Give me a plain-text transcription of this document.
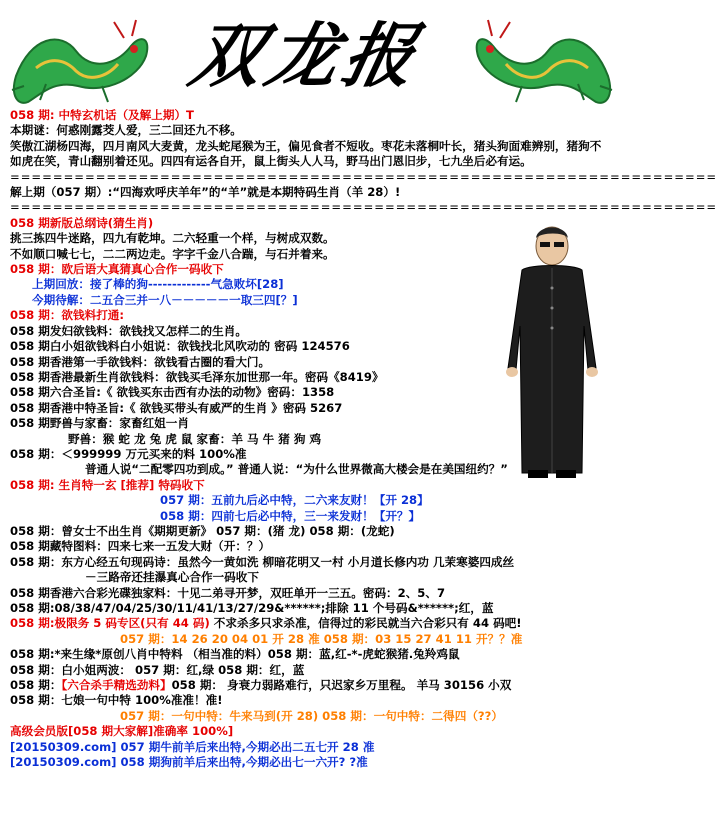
双龙报
058 期: 中特玄机话（及解上期）T
本期谜：何惑刚露茭人爱，三二回还九不移。
笑傲江湖杨四海，四月南风大麦黄，龙头蛇尾猴为王，偏见食者不短收。枣花未落桐叶长，猪头狗面难辨别，猪狗不如虎在笑，青山翻别着还见。四四有运各自开，鼠上街头人人马，野马出门恩旧步，七九坐后必有运。
==================================================================
解上期（057 期）:“四海欢呼庆羊年”的“羊”就是本期特码生肖（羊 28）!
==================================================================
058 期新版总纲诗(猜生肖)
挑三拣四牛迷路，四九有乾坤。二六轻重一个样，与树成双数。
不如顺口喊七七，二二两边走。字字千金八合踹，与石并着来。
058 期：欧后语大真猜真心合作一码收下
上期回放：接了棒的狗-------------气急败坏[28]
今期待解：二五合三并一八－－－－－一取三四[？]
058 期：欲钱料打通:
058 期发妇欲钱料：欲钱找又怎样二的生肖。
058 期白小姐欲钱料白小姐说：欲钱找北风吹动的 密码 124576
058 期香港第一手欲钱料：欲钱看古圈的看大门。
058 期香港最新生肖欲钱料：欲钱买毛泽东加世那一年。密码《8419》
058 期六合圣旨:《 欲钱买东击西有办法的动物》密码：1358
058 期香港中特圣旨:《 欲钱买带头有威严的生肖 》密码 5267
058 期野兽与家畜：家畜红姐一肖
野兽：猴 蛇 龙 兔 虎 鼠 家畜：羊 马 牛 猪 狗 鸡
058 期：＜999999 万元买来的料 100%准
普通人说“二配零四功到成。” 普通人说：“为什么世界微高大楼会是在美国纽约？”
058 期: 生肖特一玄 [推荐] 特码收下
057 期：五前九后必中特，二六来友财！【开 28】
058 期：四前七后必中特，三一来发财！【开？】
058 期：曾女士不出生肖《期期更新》 057 期：(猪 龙) 058 期：(龙蛇)
058 期藏特图料：四来七来一五发大财（开：？）
058 期：东方心经五句现码诗：虽然今一黄如洗 柳暗花明又一村 小月道长修内功 几茉寒婆四成丝
－三路帝还挂瀑真心合作一码收下
058 期香港六合彩光碟独家料：十见二弟寻开梦，双旺单开一三五。密码：2、5、7
058 期:08/38/47/04/25/30/11/41/13/27/29&******;排除 11 个号码&******;红，蓝
058 期:极限务 5 码专区(只有 44 码) 不求杀多只求杀准，信得过的彩民就当六合彩只有 44 码吧!
057 期：14 26 20 04 01 开 28 准 058 期：03 15 27 41 11 开？？准
058 期:*来生缘*原创八肖中特料 （相当准的料）058 期：蓝,红-*-虎蛇猴猪.兔羚鸡鼠
058 期：白小姐两波： 057 期：红,绿 058 期：红，蓝
058 期：【六合杀手精选劲料】058 期： 身衰力弱路难行，只迟家乡万里程。 羊马 30156 小双
058 期：七娘一句中特 100%准准！准!
057 期：一句中特：牛来马到(开 28) 058 期：一句中特：二得四（??）
高级会员版[058 期大家解]准确率 100%]
[20150309.com] 057 期牛前羊后来出特,今期必出二五七开 28 准
[20150309.com] 058 期狗前羊后来出特,今期必出七一六开? ?准
